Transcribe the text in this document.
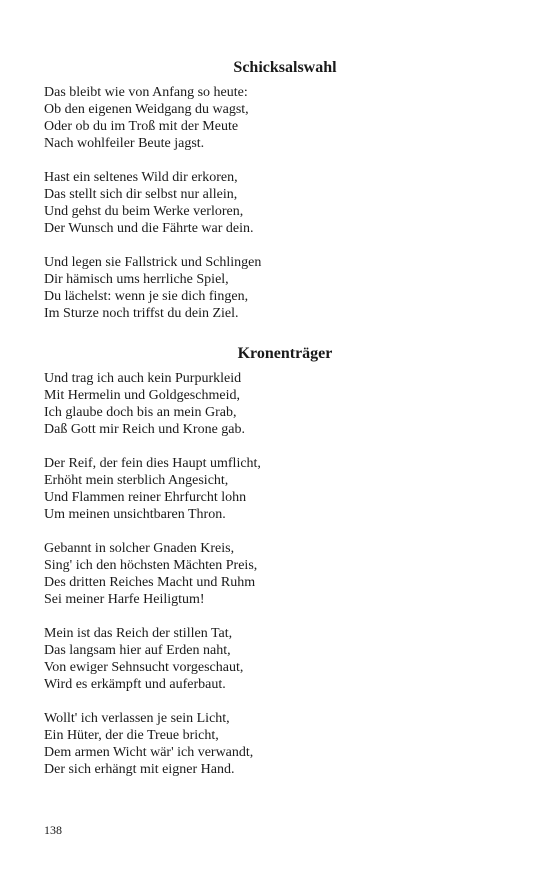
Schicksalswahl
Das bleibt wie von Anfang so heute:
Ob den eigenen Weidgang du wagst,
Oder ob du im Troß mit der Meute
Nach wohlfeiler Beute jagst.
Hast ein seltenes Wild dir erkoren,
Das stellt sich dir selbst nur allein,
Und gehst du beim Werke verloren,
Der Wunsch und die Fährte war dein.
Und legen sie Fallstrick und Schlingen
Dir hämisch ums herrliche Spiel,
Du lächelst: wenn je sie dich fingen,
Im Sturze noch triffst du dein Ziel.
Kronenträger
Und trag ich auch kein Purpurkleid
Mit Hermelin und Goldgeschmeid,
Ich glaube doch bis an mein Grab,
Daß Gott mir Reich und Krone gab.
Der Reif, der fein dies Haupt umflicht,
Erhöht mein sterblich Angesicht,
Und Flammen reiner Ehrfurcht lohn
Um meinen unsichtbaren Thron.
Gebannt in solcher Gnaden Kreis,
Sing' ich den höchsten Mächten Preis,
Des dritten Reiches Macht und Ruhm
Sei meiner Harfe Heiligtum!
Mein ist das Reich der stillen Tat,
Das langsam hier auf Erden naht,
Von ewiger Sehnsucht vorgeschaut,
Wird es erkämpft und auferbaut.
Wollt' ich verlassen je sein Licht,
Ein Hüter, der die Treue bricht,
Dem armen Wicht wär' ich verwandt,
Der sich erhängt mit eigner Hand.
138
